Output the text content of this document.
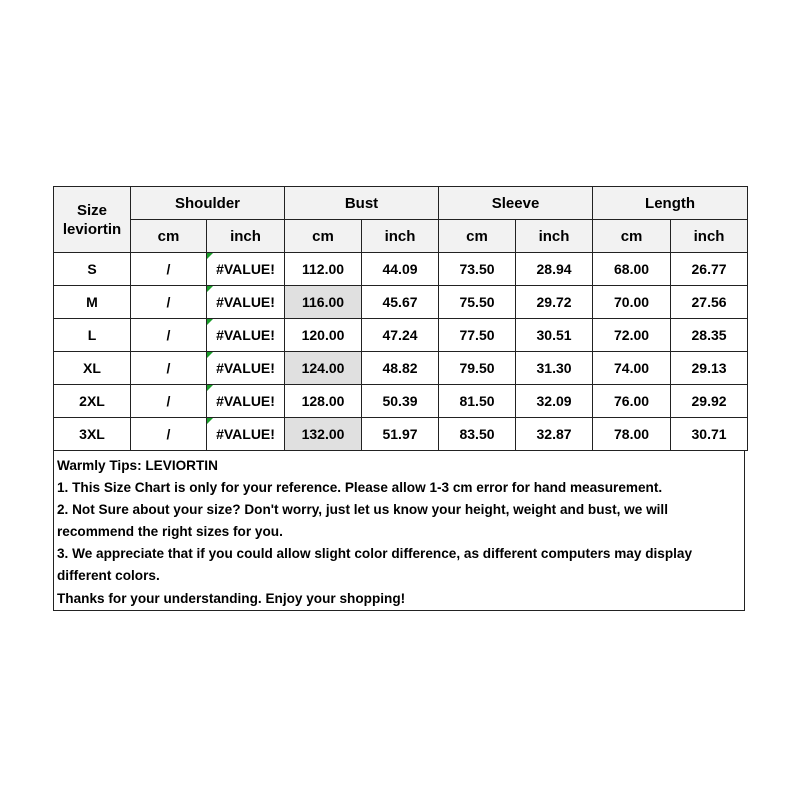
Size
leviortin	Shoulder		Bust		Sleeve		Length	
	cm	inch	cm	inch	cm	inch	cm	inch
S	/	#VALUE!	112.00	44.09	73.50	28.94	68.00	26.77
M	/	#VALUE!	116.00	45.67	75.50	29.72	70.00	27.56
L	/	#VALUE!	120.00	47.24	77.50	30.51	72.00	28.35
XL	/	#VALUE!	124.00	48.82	79.50	31.30	74.00	29.13
2XL	/	#VALUE!	128.00	50.39	81.50	32.09	76.00	29.92
3XL	/	#VALUE!	132.00	51.97	83.50	32.87	78.00	30.71
Warmly Tips: LEVIORTIN
1. This Size Chart is only for your reference. Please allow 1-3 cm error for hand measurement.
2. Not Sure about your size? Don't worry, just let us know your height, weight and bust, we will recommend the right sizes for you.
3. We appreciate that if you could allow slight color difference, as different computers may display different colors.
Thanks for your understanding. Enjoy your shopping!
